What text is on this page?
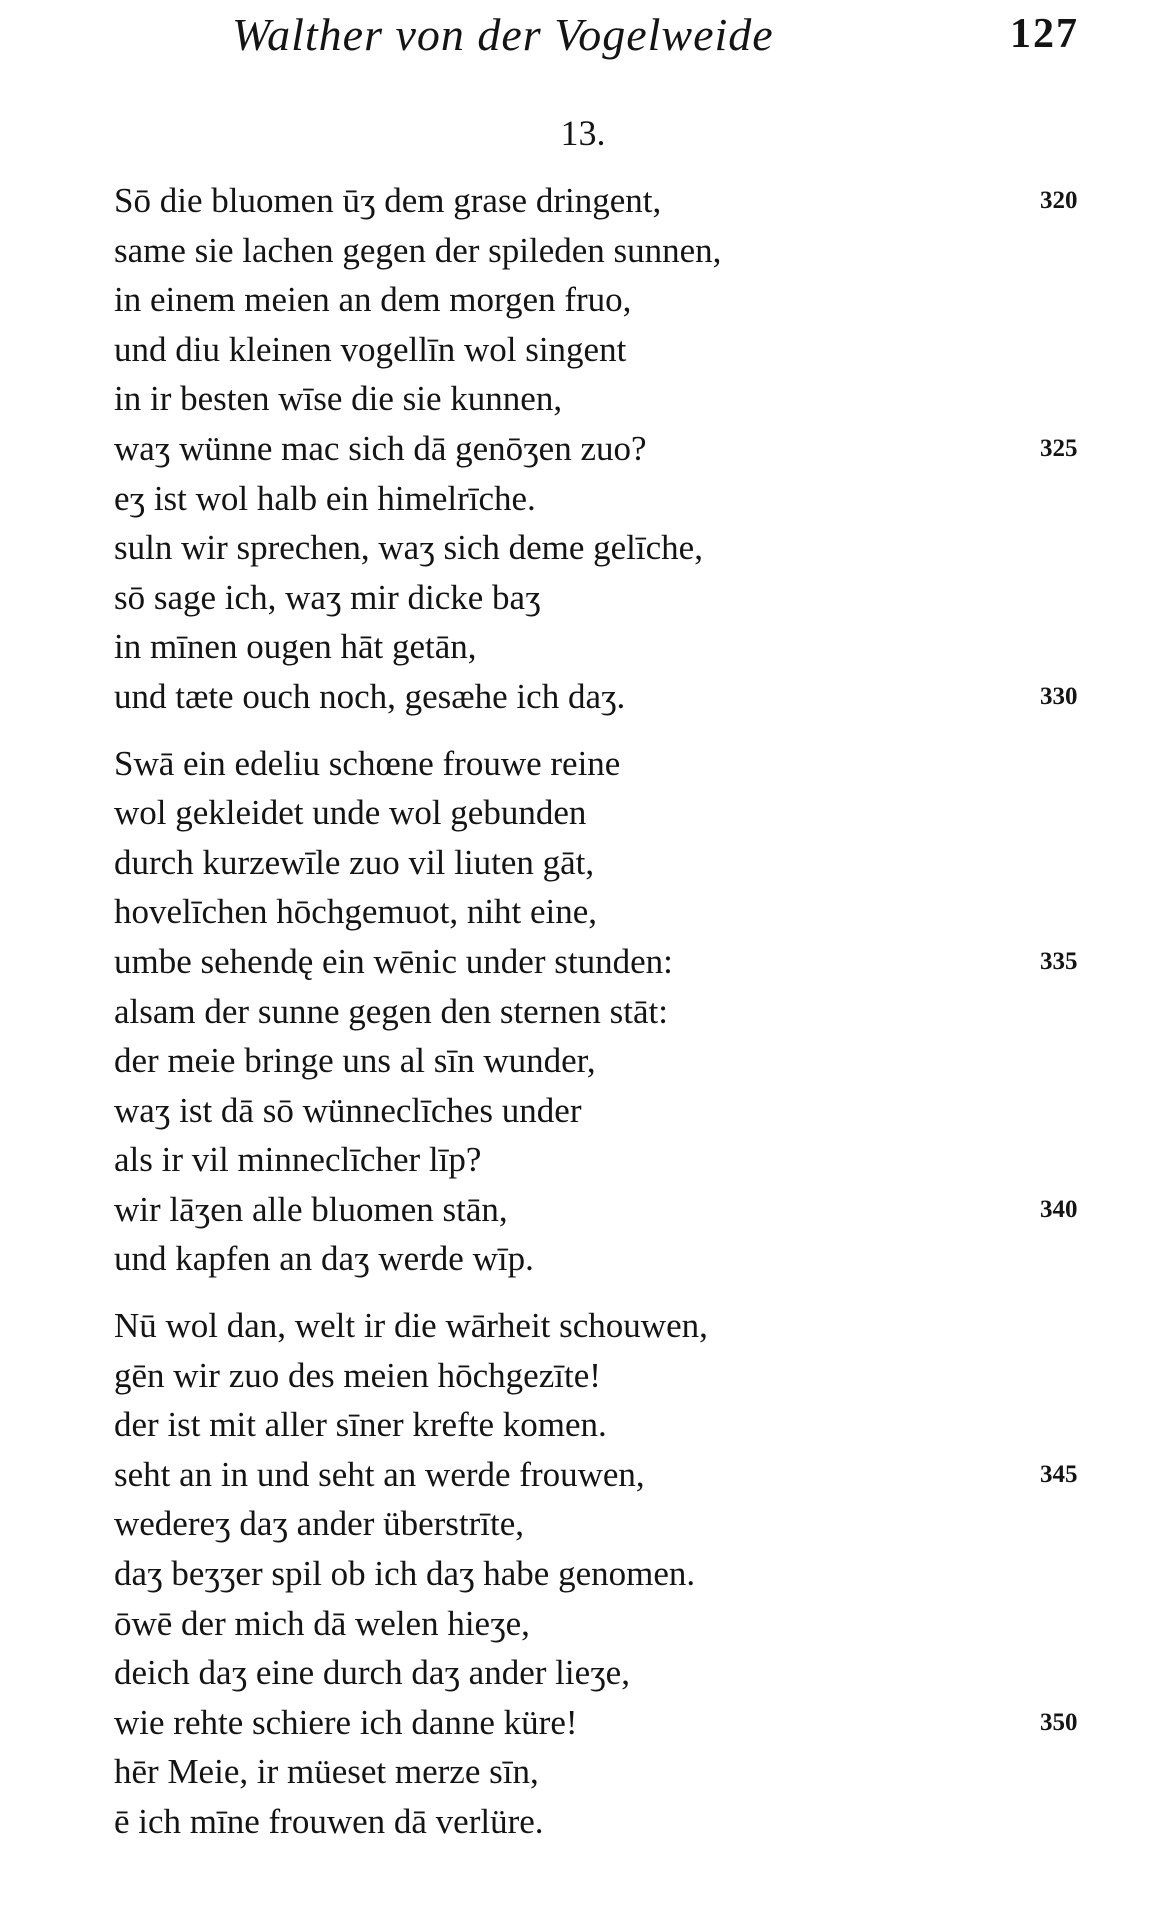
Walther von der Vogelweide	127
13.
Sō die bluomen ūʒ dem grase dringent,	320
same sie lachen gegen der spileden sunnen,
in einem meien an dem morgen fruo,
und diu kleinen vogellīn wol singent
in ir besten wīse die sie kunnen,
waʒ wünne mac sich dā genōʒen zuo?	325
eʒ ist wol halb ein himelrīche.
suln wir sprechen, waʒ sich deme gelīche,
sō sage ich, waʒ mir dicke baʒ
in mīnen ougen hāt getān,
und tæte ouch noch, gesæhe ich daʒ.	330
Swā ein edeliu schœne frouwe reine
wol gekleidet unde wol gebunden
durch kurzewīle zuo vil liuten gāt,
hovelīchen hōchgemuot, niht eine,
umbe sehendę ein wēnic under stunden:	335
alsam der sunne gegen den sternen stāt:
der meie bringe uns al sīn wunder,
waʒ ist dā sō wünneclīches under
als ir vil minneclīcher līp?
wir lāʒen alle bluomen stān,	340
und kapfen an daʒ werde wīp.
Nū wol dan, welt ir die wārheit schouwen,
gēn wir zuo des meien hōchgezīte!
der ist mit aller sīner krefte komen.
seht an in und seht an werde frouwen,	345
wedereʒ daʒ ander überstrīte,
daʒ beʒʒer spil ob ich daʒ habe genomen.
ōwē der mich dā welen hieʒe,
deich daʒ eine durch daʒ ander lieʒe,
wie rehte schiere ich danne küre!	350
hēr Meie, ir müeset merze sīn,
ē ich mīne frouwen dā verlüre.
